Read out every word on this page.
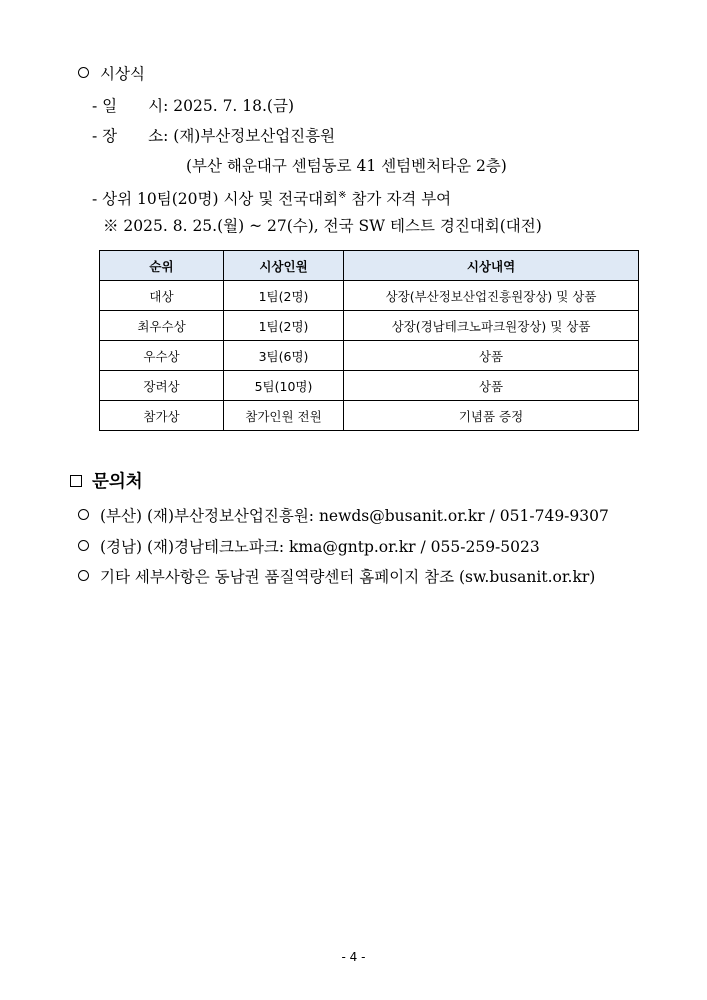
시상식
- 일　　시: 2025. 7. 18.(금)
- 장　　소: (재)부산정보산업진흥원
(부산 해운대구 센텀동로 41 센텀벤처타운 2층)
- 상위 10팀(20명) 시상 및 전국대회※ 참가 자격 부여
※ 2025. 8. 25.(월) ~ 27(수), 전국 SW 테스트 경진대회(대전)
순위	시상인원	시상내역
대상	1팀(2명)	상장(부산정보산업진흥원장상) 및 상품
최우수상	1팀(2명)	상장(경남테크노파크원장상) 및 상품
우수상	3팀(6명)	상품
장려상	5팀(10명)	상품
참가상	참가인원 전원	기념품 증정
문의처
(부산) (재)부산정보산업진흥원: newds@busanit.or.kr / 051-749-9307
(경남) (재)경남테크노파크: kma@gntp.or.kr / 055-259-5023
기타 세부사항은 동남권 품질역량센터 홈페이지 참조 (sw.busanit.or.kr)
- 4 -
